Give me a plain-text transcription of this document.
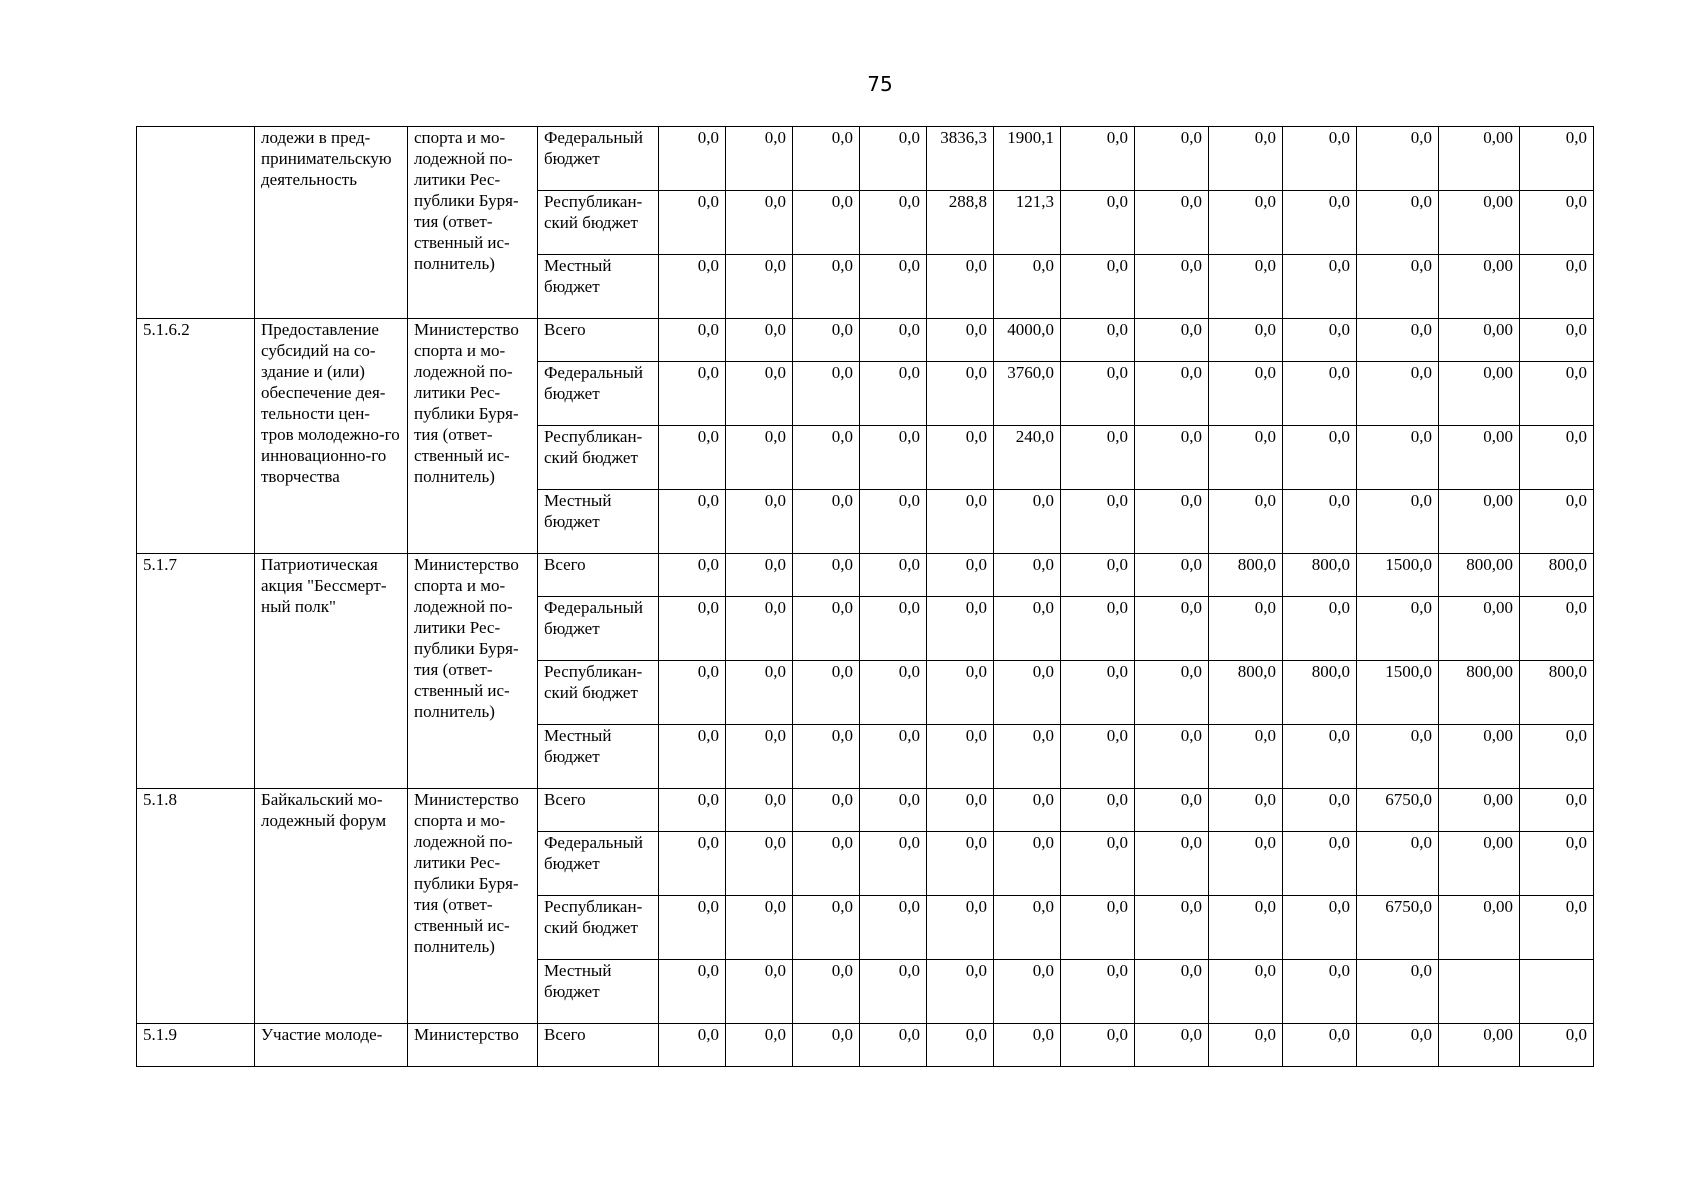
75
	лодежи в пред-принимательскую деятельность	спорта и мо-лодежной по-литики Рес-публики Буря-тия (ответ-ственный ис-полнитель)	Федеральный бюджет	0,0	0,0	0,0	0,0	3836,3	1900,1	0,0	0,0	0,0	0,0	0,0	0,00	0,0
			Республикан-ский бюджет	0,0	0,0	0,0	0,0	288,8	121,3	0,0	0,0	0,0	0,0	0,0	0,00	0,0
			Местный бюджет	0,0	0,0	0,0	0,0	0,0	0,0	0,0	0,0	0,0	0,0	0,0	0,00	0,0
5.1.6.2	Предоставление субсидий на со-здание и (или) обеспечение дея-тельности цен-тров молодежно-го инновационно-го творчества	Министерство спорта и мо-лодежной по-литики Рес-публики Буря-тия (ответ-ственный ис-полнитель)	Всего	0,0	0,0	0,0	0,0	0,0	4000,0	0,0	0,0	0,0	0,0	0,0	0,00	0,0
			Федеральный бюджет	0,0	0,0	0,0	0,0	0,0	3760,0	0,0	0,0	0,0	0,0	0,0	0,00	0,0
			Республикан-ский бюджет	0,0	0,0	0,0	0,0	0,0	240,0	0,0	0,0	0,0	0,0	0,0	0,00	0,0
			Местный бюджет	0,0	0,0	0,0	0,0	0,0	0,0	0,0	0,0	0,0	0,0	0,0	0,00	0,0
5.1.7	Патриотическая акция "Бессмерт-ный полк"	Министерство спорта и мо-лодежной по-литики Рес-публики Буря-тия (ответ-ственный ис-полнитель)	Всего	0,0	0,0	0,0	0,0	0,0	0,0	0,0	0,0	800,0	800,0	1500,0	800,00	800,0
			Федеральный бюджет	0,0	0,0	0,0	0,0	0,0	0,0	0,0	0,0	0,0	0,0	0,0	0,00	0,0
			Республикан-ский бюджет	0,0	0,0	0,0	0,0	0,0	0,0	0,0	0,0	800,0	800,0	1500,0	800,00	800,0
			Местный бюджет	0,0	0,0	0,0	0,0	0,0	0,0	0,0	0,0	0,0	0,0	0,0	0,00	0,0
5.1.8	Байкальский мо-лодежный форум	Министерство спорта и мо-лодежной по-литики Рес-публики Буря-тия (ответ-ственный ис-полнитель)	Всего	0,0	0,0	0,0	0,0	0,0	0,0	0,0	0,0	0,0	0,0	6750,0	0,00	0,0
			Федеральный бюджет	0,0	0,0	0,0	0,0	0,0	0,0	0,0	0,0	0,0	0,0	0,0	0,00	0,0
			Республикан-ский бюджет	0,0	0,0	0,0	0,0	0,0	0,0	0,0	0,0	0,0	0,0	6750,0	0,00	0,0
			Местный бюджет	0,0	0,0	0,0	0,0	0,0	0,0	0,0	0,0	0,0	0,0	0,0		
5.1.9	Участие молоде-	Министерство	Всего	0,0	0,0	0,0	0,0	0,0	0,0	0,0	0,0	0,0	0,0	0,0	0,00	0,0
